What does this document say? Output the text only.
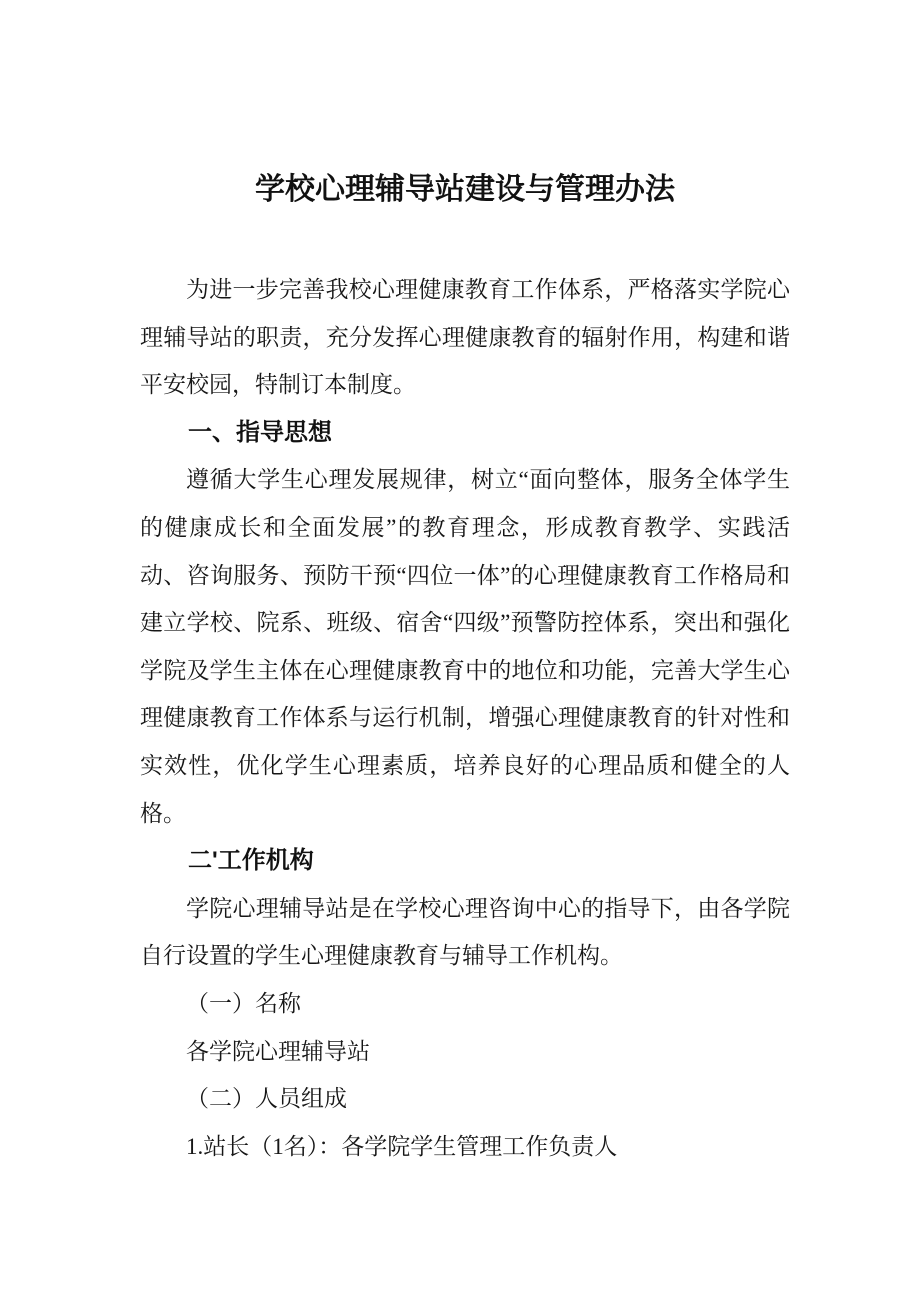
学校心理辅导站建设与管理办法

为进一步完善我校心理健康教育工作体系，严格落实学院心理辅导站的职责，充分发挥心理健康教育的辐射作用，构建和谐平安校园，特制订本制度。

一、指导思想

遵循大学生心理发展规律，树立“面向整体，服务全体学生的健康成长和全面发展”的教育理念，形成教育教学、实践活动、咨询服务、预防干预“四位一体”的心理健康教育工作格局和建立学校、院系、班级、宿舍“四级”预警防控体系，突出和强化学院及学生主体在心理健康教育中的地位和功能，完善大学生心理健康教育工作体系与运行机制，增强心理健康教育的针对性和实效性，优化学生心理素质，培养良好的心理品质和健全的人格。

二'工作机构

学院心理辅导站是在学校心理咨询中心的指导下，由各学院自行设置的学生心理健康教育与辅导工作机构。

（一）名称

各学院心理辅导站

（二）人员组成

1.站长（1名）：各学院学生管理工作负责人
